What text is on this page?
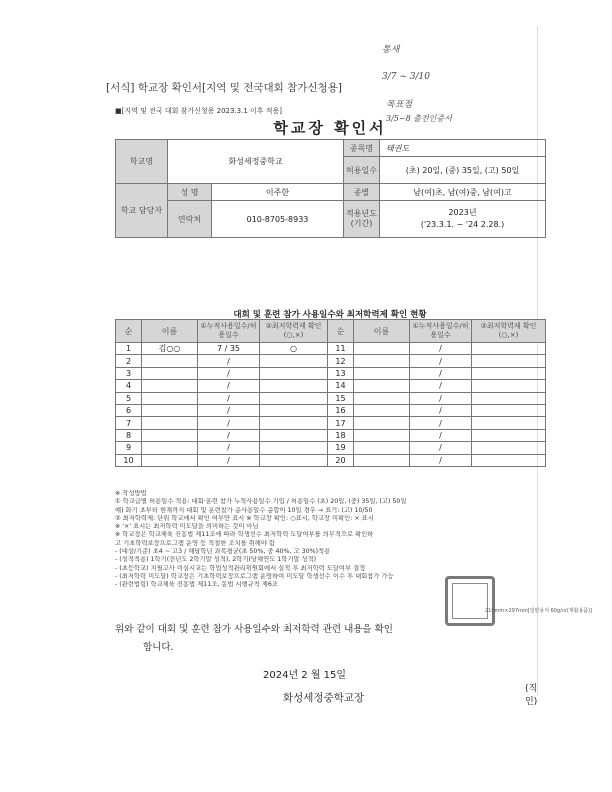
통새
3/7 ~ 3/10
목표점
3/5~8 출전인증서
[서식] 학교장 확인서[지역 및 전국대회 참가신청용]
■[지역 및 전국 대회 참가신청용 2023.3.1 이후 적용]
학교장 확인서
학교명	화성세정중학교		종목명	태권도
			허용일수	(초) 20일, (중) 35일, (고) 50일
학교 담당자	성 명	이주한	종별	남(여)초, 남(여)중, 남(여)고
	연락처	010-8705-8933	적용년도(기간)	2023년
('23.3.1. ~ '24 2.28.)
대회 및 훈련 참가 사용일수와 최저학력제 확인 현황
순	이름	①누적사용일수/허용일수	②최저학력제 확인(○,×)	순	이름	①누적사용일수/허용일수	②최저학력제 확인(○,×)
1	김○○	7 / 35	○	11		/	
2		/		12		/	
3		/		13		/	
4		/		14		/	
5		/		15		/	
6		/		16		/	
7		/		17		/	
8		/		18		/	
9		/		19		/	
10		/		20		/	
※ 작성방법
① 학교급별 허용일수 적용: 대회·훈련 참가 누적사용일수 기입 / 허용일수 (초) 20일, (중) 35일, (고) 50일
예) 화기 초부터 현재까지 대회 및 훈련참가 총사용일수 총합이 10일 경우 → 표기: (고) 10/50
② 최저학력제: 단위 학교에서 확인 여부만 표시 ※ 학교장 확인: ○표시, 학교장 미확인: × 표시
※ '×' 표시는 최저학력 미도달을 의미하는 것이 아님
※ 학교장은 학교체육 진흥법 제11조에 따라 학생선수 최저학력 도달여부를 의무적으로 확인하
고 기초학력보장프로그램 운영 등 적절한 조치를 취해야 함
- (대상/기준) 초4 ~ 고3 / 해당학년 과목평균(초 50%, 중 40%, 고 30%)적용
- (성적적용) 1학기(전년도 2학기말 성적), 2학기(당해연도 1학기말 성적)
- (초등학교) 지필고사 미실시교는 학업성적관리위원회에서 실적 후 최저학력 도달여부 결정
- (최저학력 미도달) 학교장은 기초학력보장프로그램 운영하여 미도달 학생선수 이수 후 대회참가 가능
- (관련법령) 학교체육 진흥법 제11조, 동법 시행규칙 제6조
위와 같이 대회 및 훈련 참가 사용일수와 최저학력 관련 내용을 확인
합니다.
2024년 2 월 15일
화성세정중학교장
(직인)
210mm×297mm[일반용지 60g/㎡(재활용품)]
